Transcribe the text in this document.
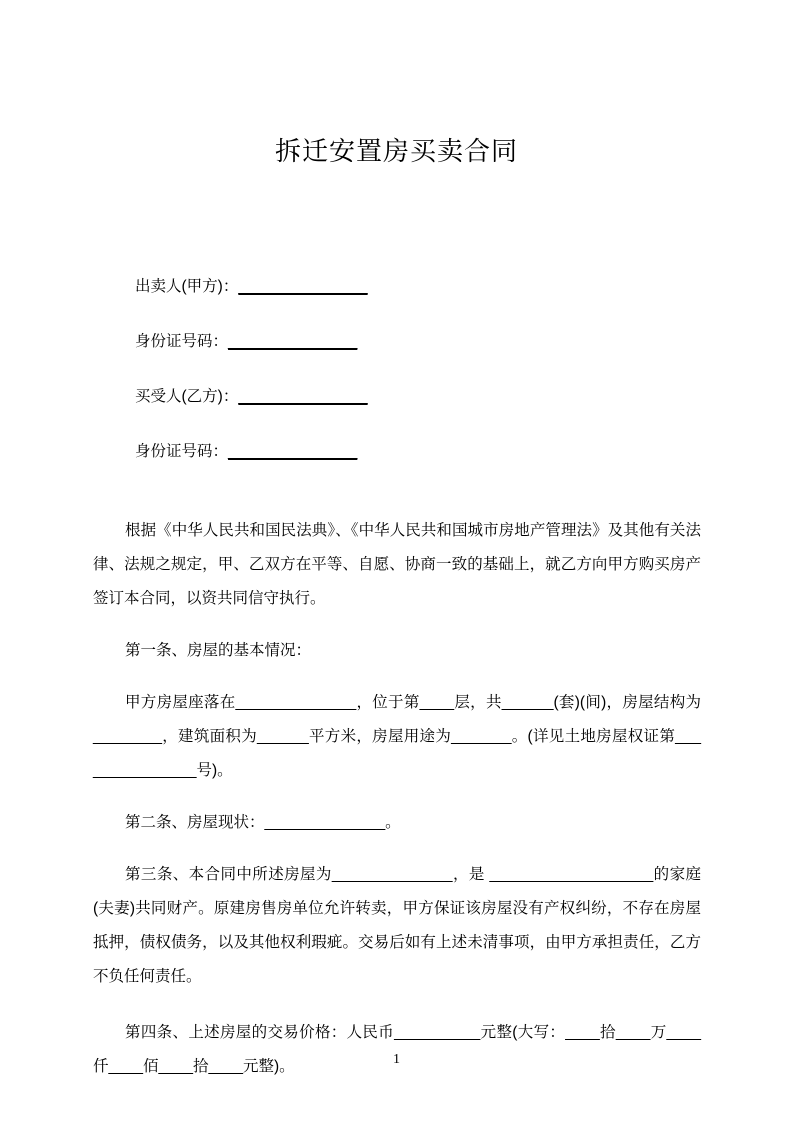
拆迁安置房买卖合同
出卖人(甲方)：_______________
身份证号码：_______________
买受人(乙方)：_______________
身份证号码：_______________

根据《中华人民共和国民法典》、《中华人民共和国城市房地产管理法》及其他有关法律、法规之规定，甲、乙双方在平等、自愿、协商一致的基础上，就乙方向甲方购买房产签订本合同，以资共同信守执行。

第一条、房屋的基本情况：

甲方房屋座落在______________，位于第____层，共______(套)(间)，房屋结构为________，建筑面积为______平方米，房屋用途为_______。(详见土地房屋权证第_______________号)。

第二条、房屋现状：______________。

第三条、本合同中所述房屋为______________，是 ___________________的家庭(夫妻)共同财产。原建房售房单位允许转卖，甲方保证该房屋没有产权纠纷，不存在房屋抵押，债权债务，以及其他权利瑕疵。交易后如有上述未清事项，由甲方承担责任，乙方不负任何责任。

第四条、上述房屋的交易价格：人民币__________元整(大写：____拾____万____仟____佰____拾____元整)。	1
